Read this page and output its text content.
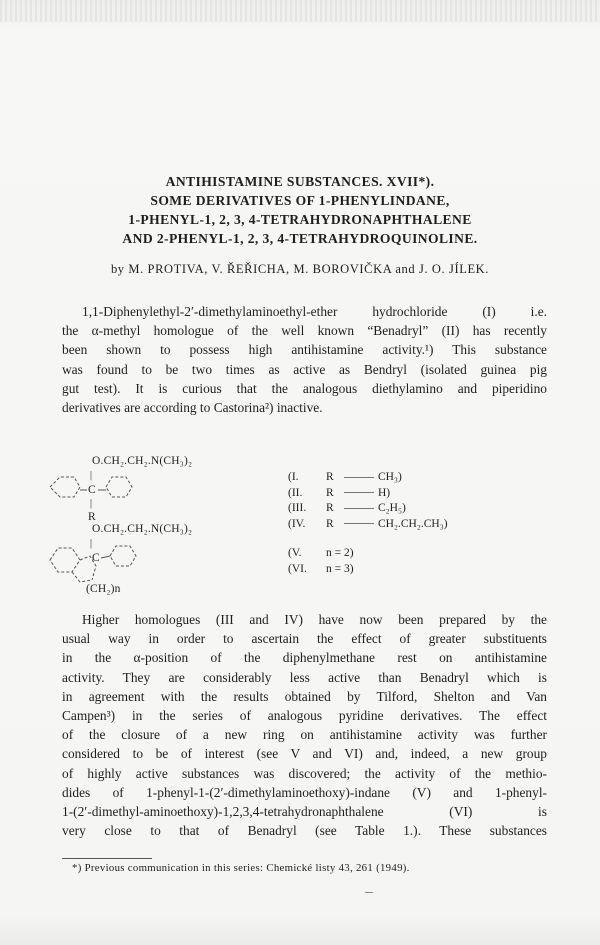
ANTIHISTAMINE SUBSTANCES. XVII*).
SOME DERIVATIVES OF 1-PHENYLINDANE,
1-PHENYL-1, 2, 3, 4-TETRAHYDRONAPHTHALENE
AND 2-PHENYL-1, 2, 3, 4-TETRAHYDROQUINOLINE.
by M. PROTIVA, V. ŘEŘICHA, M. BOROVIČKA and J. O. JÍLEK.
1,1-Diphenylethyl-2′-dimethylaminoethyl-ether hydrochloride (I) i.e.
the α-methyl homologue of the well known “Benadryl” (II) has recently
been shown to possess high antihistamine activity.¹) This substance
was found to be two times as active as Bendryl (isolated guinea pig
gut test). It is curious that the analogous diethylamino and piperidino
derivatives are according to Castorina²) inactive.
O.CH₂.CH₂.N(CH₃)₂
|
C
|
R
O.CH₂.CH₂.N(CH₃)₂
|
C
(CH₂)n
(I. R	CH₃)
(II. R	H)
(III. R	C₂H₅)
(IV. R	CH₂.CH₂.CH₃)
(V. n = 2)
(VI. n = 3)
Higher homologues (III and IV) have now been prepared by the
usual way in order to ascertain the effect of greater substituents
in the α-position of the diphenylmethane rest on antihistamine
activity. They are considerably less active than Benadryl which is
in agreement with the results obtained by Tilford, Shelton and Van
Campen³) in the series of analogous pyridine derivatives. The effect
of the closure of a new ring on antihistamine activity was further
considered to be of interest (see V and VI) and, indeed, a new group
of highly active substances was discovered; the activity of the methio-
dides of 1-phenyl-1-(2′-dimethylaminoethoxy)-indane (V) and 1-phenyl-
1-(2′-dimethyl-aminoethoxy)-1,2,3,4-tetrahydronaphthalene (VI) is
very close to that of Benadryl (see Table 1.). These substances
*) Previous communication in this series: Chemické listy 43, 261 (1949).
